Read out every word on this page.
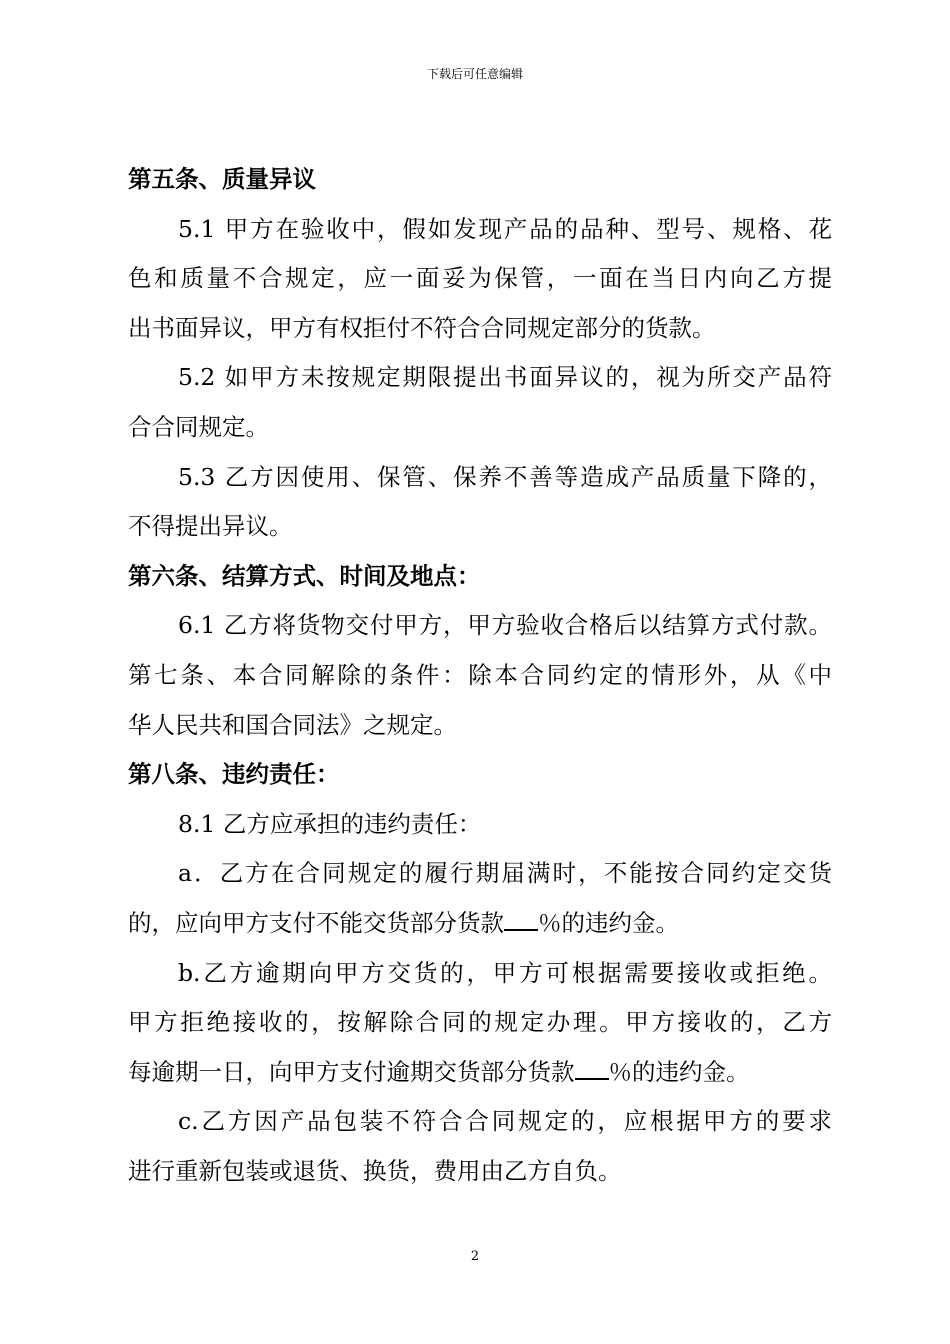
下载后可任意编辑
第五条、质量异议
5.1 甲方在验收中，假如发现产品的品种、型号、规格、花
色和质量不合规定，应一面妥为保管，一面在当日内向乙方提
出书面异议，甲方有权拒付不符合合同规定部分的货款。
5.2 如甲方未按规定期限提出书面异议的，视为所交产品符
合合同规定。
5.3 乙方因使用、保管、保养不善等造成产品质量下降的，
不得提出异议。
第六条、结算方式、时间及地点：
6.1 乙方将货物交付甲方，甲方验收合格后以结算方式付款。
第七条、本合同解除的条件：除本合同约定的情形外，从《中
华人民共和国合同法》之规定。
第八条、违约责任：
8.1 乙方应承担的违约责任：
a．乙方在合同规定的履行期届满时，不能按合同约定交货
的，应向甲方支付不能交货部分货款 ％的违约金。
b.乙方逾期向甲方交货的，甲方可根据需要接收或拒绝。
甲方拒绝接收的，按解除合同的规定办理。甲方接收的，乙方
每逾期一日，向甲方支付逾期交货部分货款 ％的违约金。
c.乙方因产品包装不符合合同规定的，应根据甲方的要求
进行重新包装或退货、换货，费用由乙方自负。
2
